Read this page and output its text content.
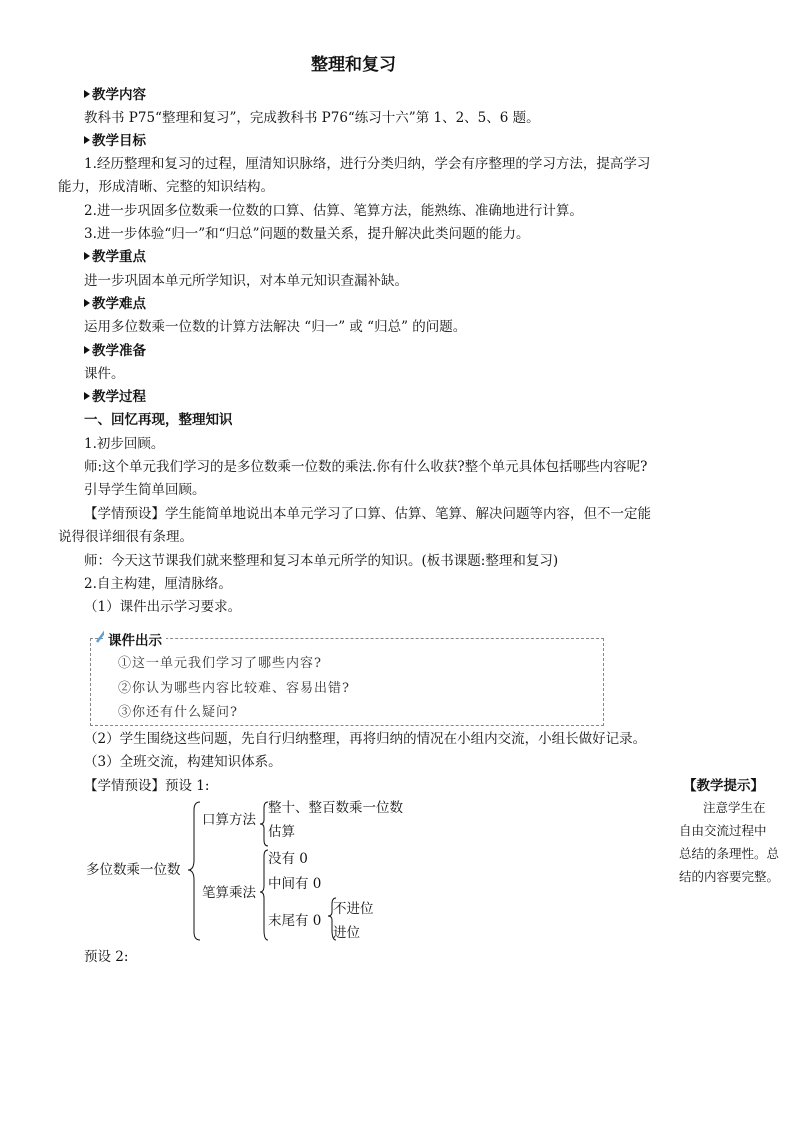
整理和复习
教学内容
教科书 P75“整理和复习”，完成教科书 P76“练习十六”第 1、2、5、6 题。
教学目标
1.经历整理和复习的过程，厘清知识脉络，进行分类归纳，学会有序整理的学习方法，提高学习
能力，形成清晰、完整的知识结构。
2.进一步巩固多位数乘一位数的口算、估算、笔算方法，能熟练、准确地进行计算。
3.进一步体验“归一”和“归总”问题的数量关系，提升解决此类问题的能力。
教学重点
进一步巩固本单元所学知识，对本单元知识查漏补缺。
教学难点
运用多位数乘一位数的计算方法解决 “归一” 或 “归总” 的问题。
教学准备
课件。
教学过程
一、回忆再现，整理知识
1.初步回顾。
师:这个单元我们学习的是多位数乘一位数的乘法.你有什么收获?整个单元具体包括哪些内容呢?
引导学生简单回顾。
【学情预设】学生能简单地说出本单元学习了口算、估算、笔算、解决问题等内容，但不一定能
说得很详细很有条理。
师：今天这节课我们就来整理和复习本单元所学的知识。(板书课题:整理和复习)
2.自主构建，厘清脉络。
（1）课件出示学习要求。
课件出示
①这一单元我们学习了哪些内容?
②你认为哪些内容比较难、容易出错?
③你还有什么疑问?
（2）学生围绕这些问题，先自行归纳整理，再将归纳的情况在小组内交流，小组长做好记录。
（3）全班交流，构建知识体系。
【学情预设】预设 1:
多位数乘一位数
口算方法
整十、整百数乘一位数
估算
笔算乘法
没有 0
中间有 0
末尾有 0
不进位
进位
预设 2:
【教学提示】
注意学生在
自由交流过程中
总结的条理性。总
结的内容要完整。
